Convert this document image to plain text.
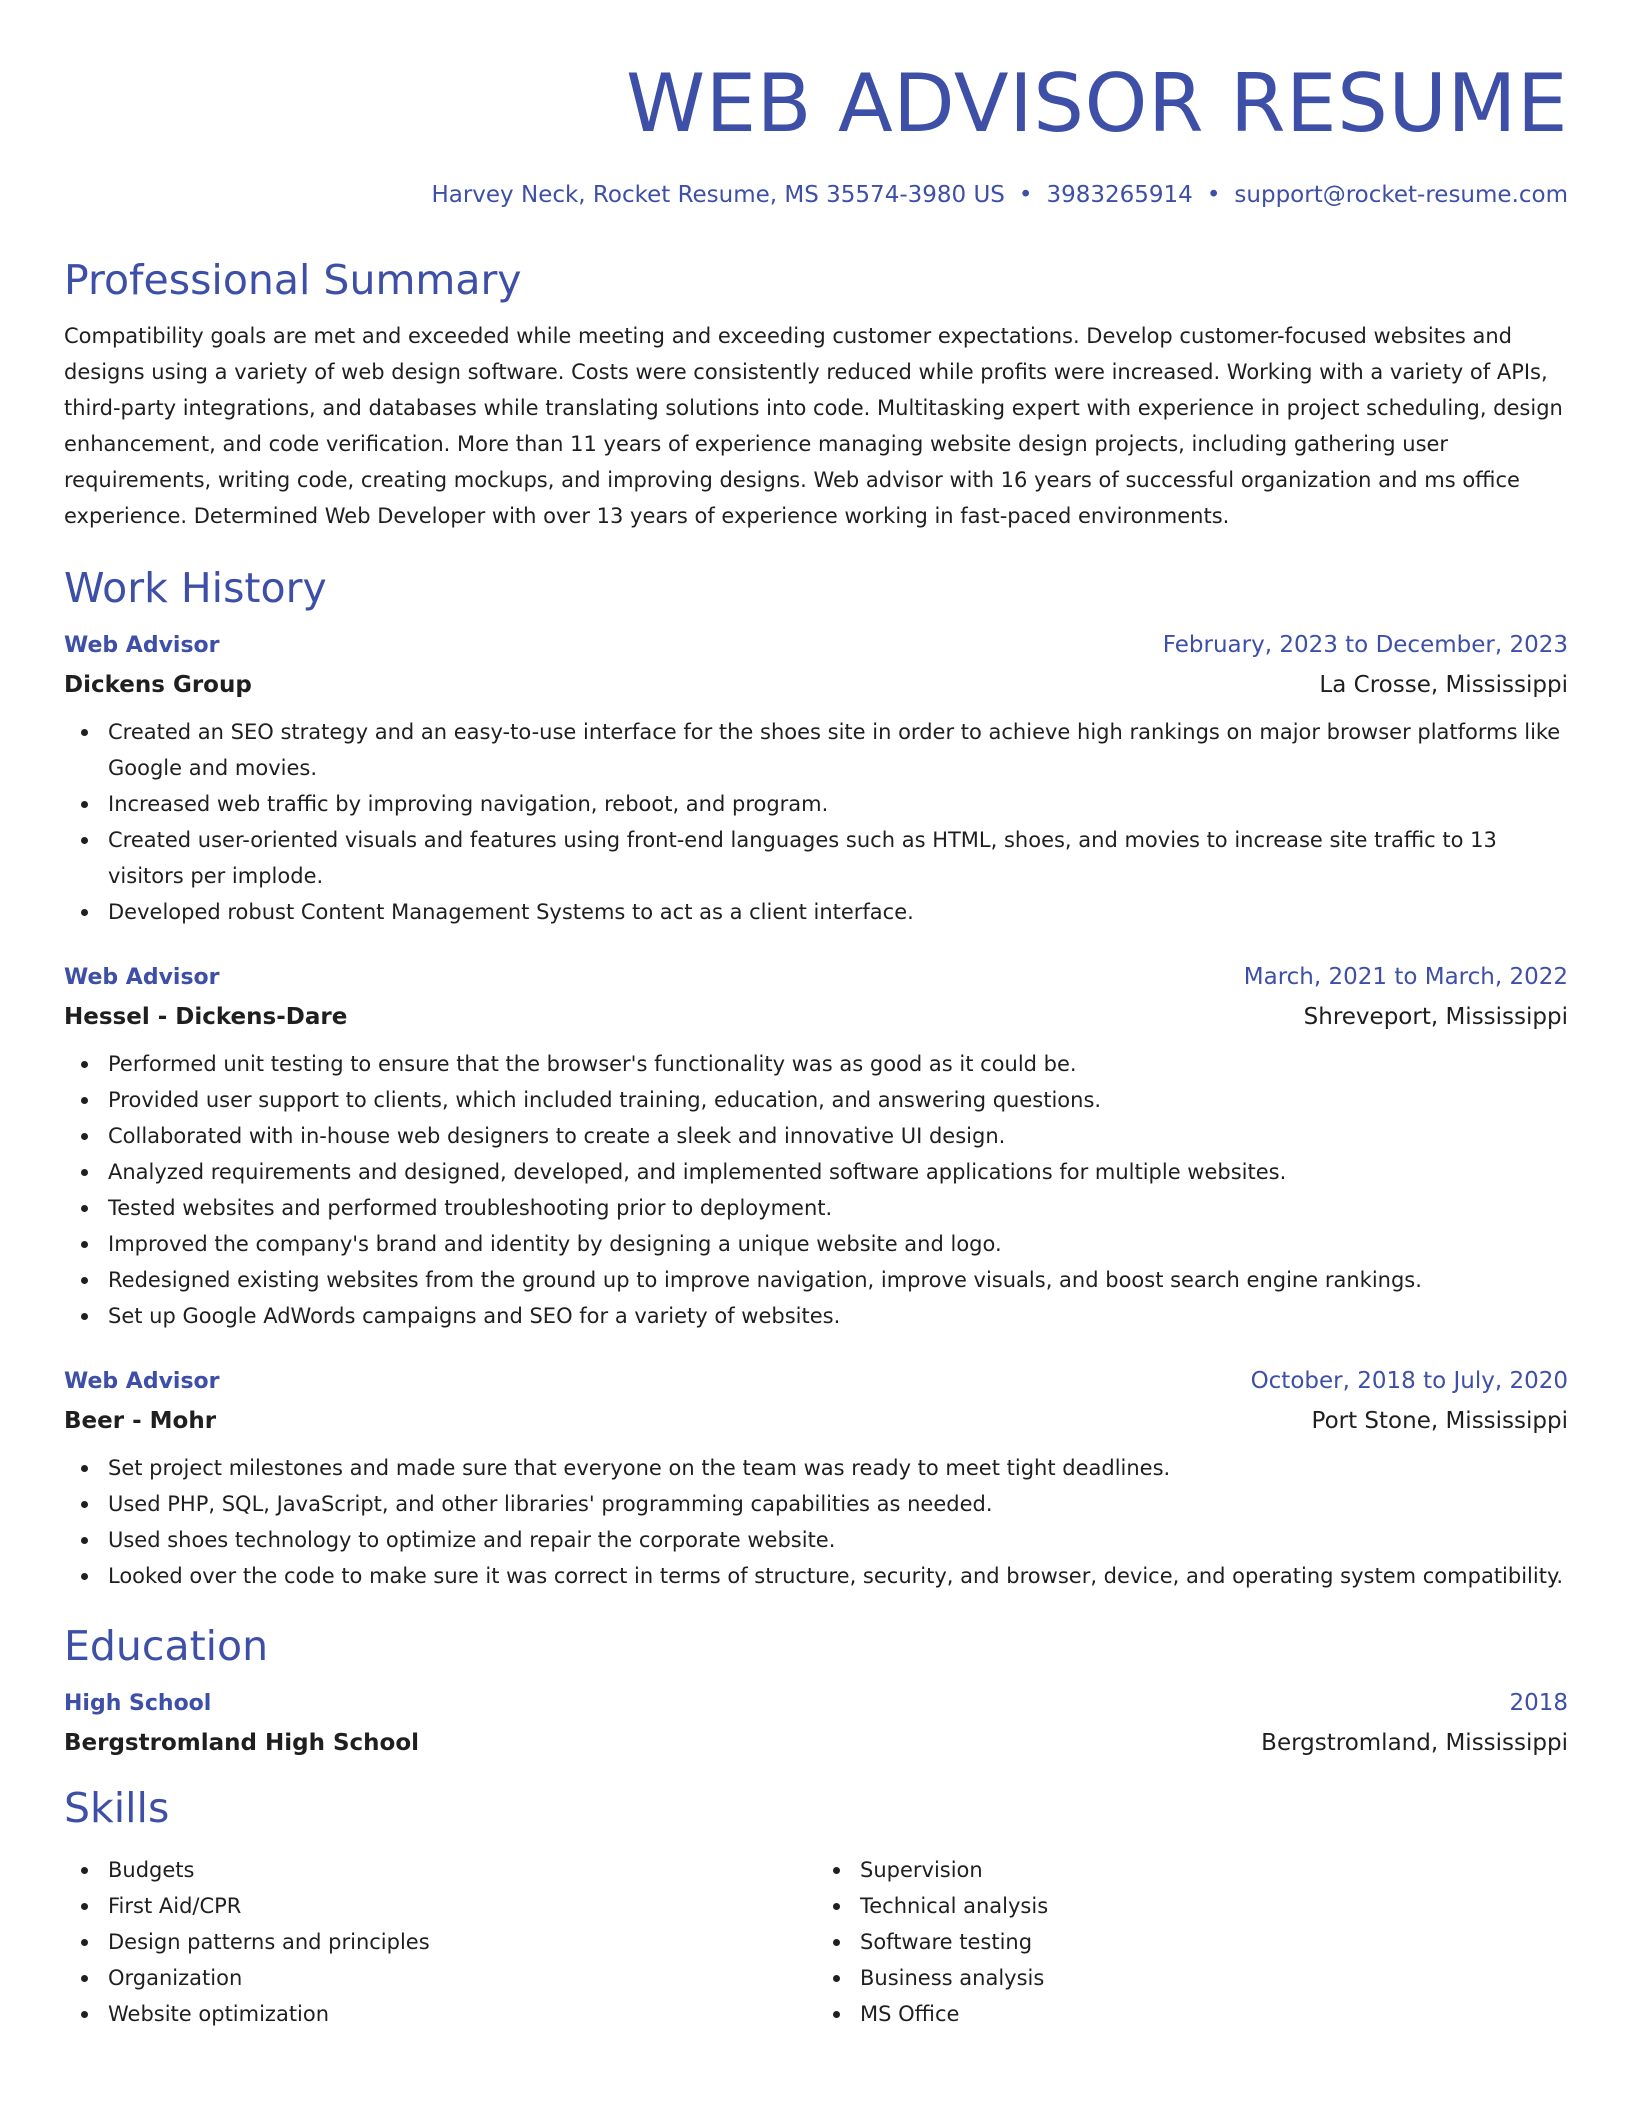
WEB ADVISOR RESUME
Harvey Neck, Rocket Resume, MS 35574-3980 US • 3983265914 • support@rocket-resume.com
Professional Summary

Compatibility goals are met and exceeded while meeting and exceeding customer expectations. Develop customer-focused websites and designs using a variety of web design software. Costs were consistently reduced while profits were increased. Working with a variety of APIs, third-party integrations, and databases while translating solutions into code. Multitasking expert with experience in project scheduling, design enhancement, and code verification. More than 11 years of experience managing website design projects, including gathering user requirements, writing code, creating mockups, and improving designs. Web advisor with 16 years of successful organization and ms office experience. Determined Web Developer with over 13 years of experience working in fast-paced environments.

Work History
Web Advisor	February, 2023 to December, 2023
Dickens Group	La Crosse, Mississippi
Created an SEO strategy and an easy-to-use interface for the shoes site in order to achieve high rankings on major browser platforms like Google and movies.
Increased web traffic by improving navigation, reboot, and program.
Created user-oriented visuals and features using front-end languages such as HTML, shoes, and movies to increase site traffic to 13 visitors per implode.
Developed robust Content Management Systems to act as a client interface.
Web Advisor	March, 2021 to March, 2022
Hessel - Dickens-Dare	Shreveport, Mississippi
Performed unit testing to ensure that the browser's functionality was as good as it could be.
Provided user support to clients, which included training, education, and answering questions.
Collaborated with in-house web designers to create a sleek and innovative UI design.
Analyzed requirements and designed, developed, and implemented software applications for multiple websites.
Tested websites and performed troubleshooting prior to deployment.
Improved the company's brand and identity by designing a unique website and logo.
Redesigned existing websites from the ground up to improve navigation, improve visuals, and boost search engine rankings.
Set up Google AdWords campaigns and SEO for a variety of websites.
Web Advisor	October, 2018 to July, 2020
Beer - Mohr	Port Stone, Mississippi
Set project milestones and made sure that everyone on the team was ready to meet tight deadlines.
Used PHP, SQL, JavaScript, and other libraries' programming capabilities as needed.
Used shoes technology to optimize and repair the corporate website.
Looked over the code to make sure it was correct in terms of structure, security, and browser, device, and operating system compatibility.
Education
High School	2018
Bergstromland High School	Bergstromland, Mississippi
Skills
Budgets
First Aid/CPR
Design patterns and principles
Organization
Website optimization
Supervision
Technical analysis
Software testing
Business analysis
MS Office
